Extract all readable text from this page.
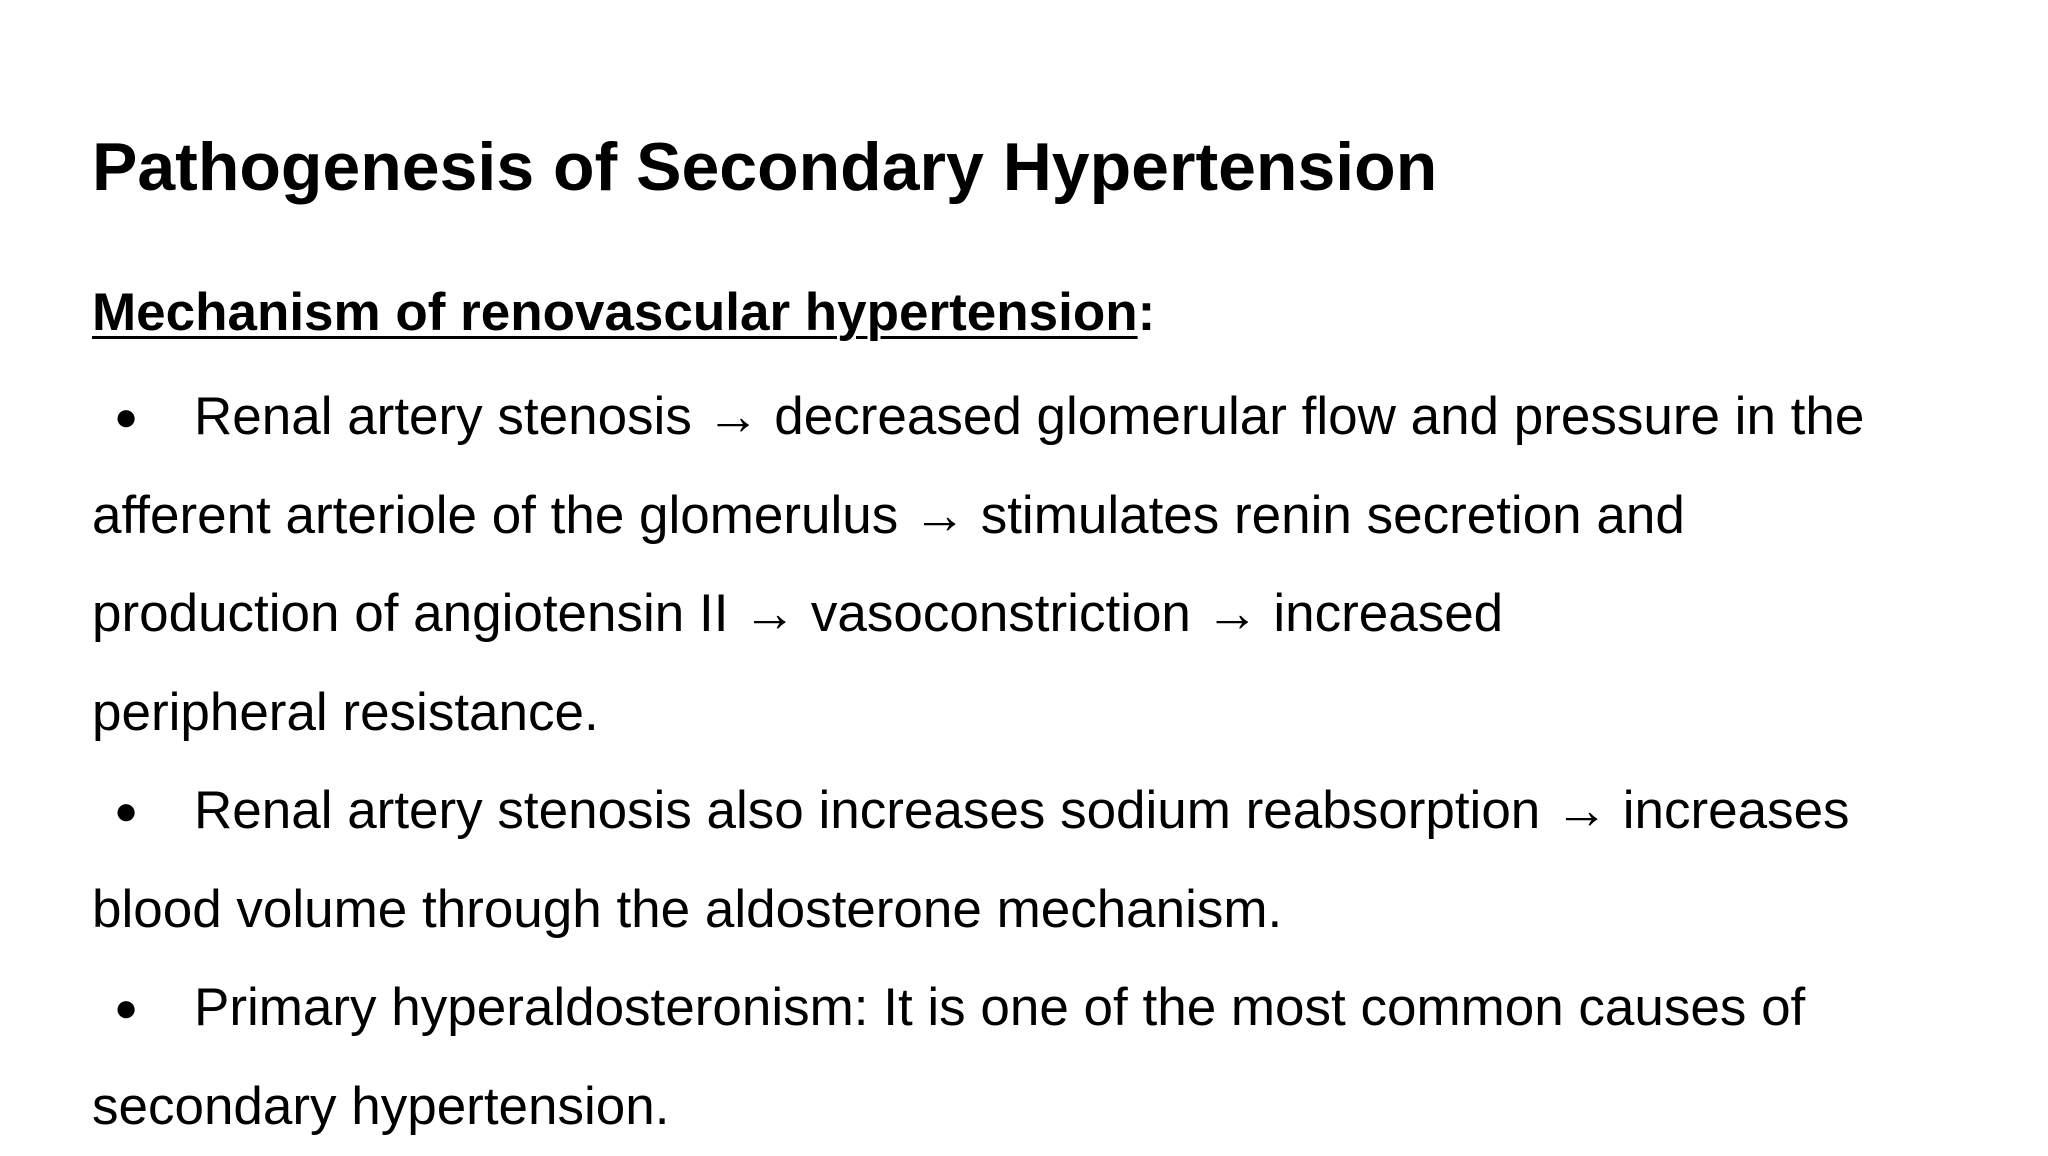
Pathogenesis of Secondary Hypertension
Mechanism of renovascular hypertension:
● Renal artery stenosis → decreased glomerular flow and pressure in the
afferent arteriole of the glomerulus → stimulates renin secretion and
production of angiotensin II → vasoconstriction → increased
peripheral resistance.
● Renal artery stenosis also increases sodium reabsorption → increases
blood volume through the aldosterone mechanism.
● Primary hyperaldosteronism: It is one of the most common causes of
secondary hypertension.
